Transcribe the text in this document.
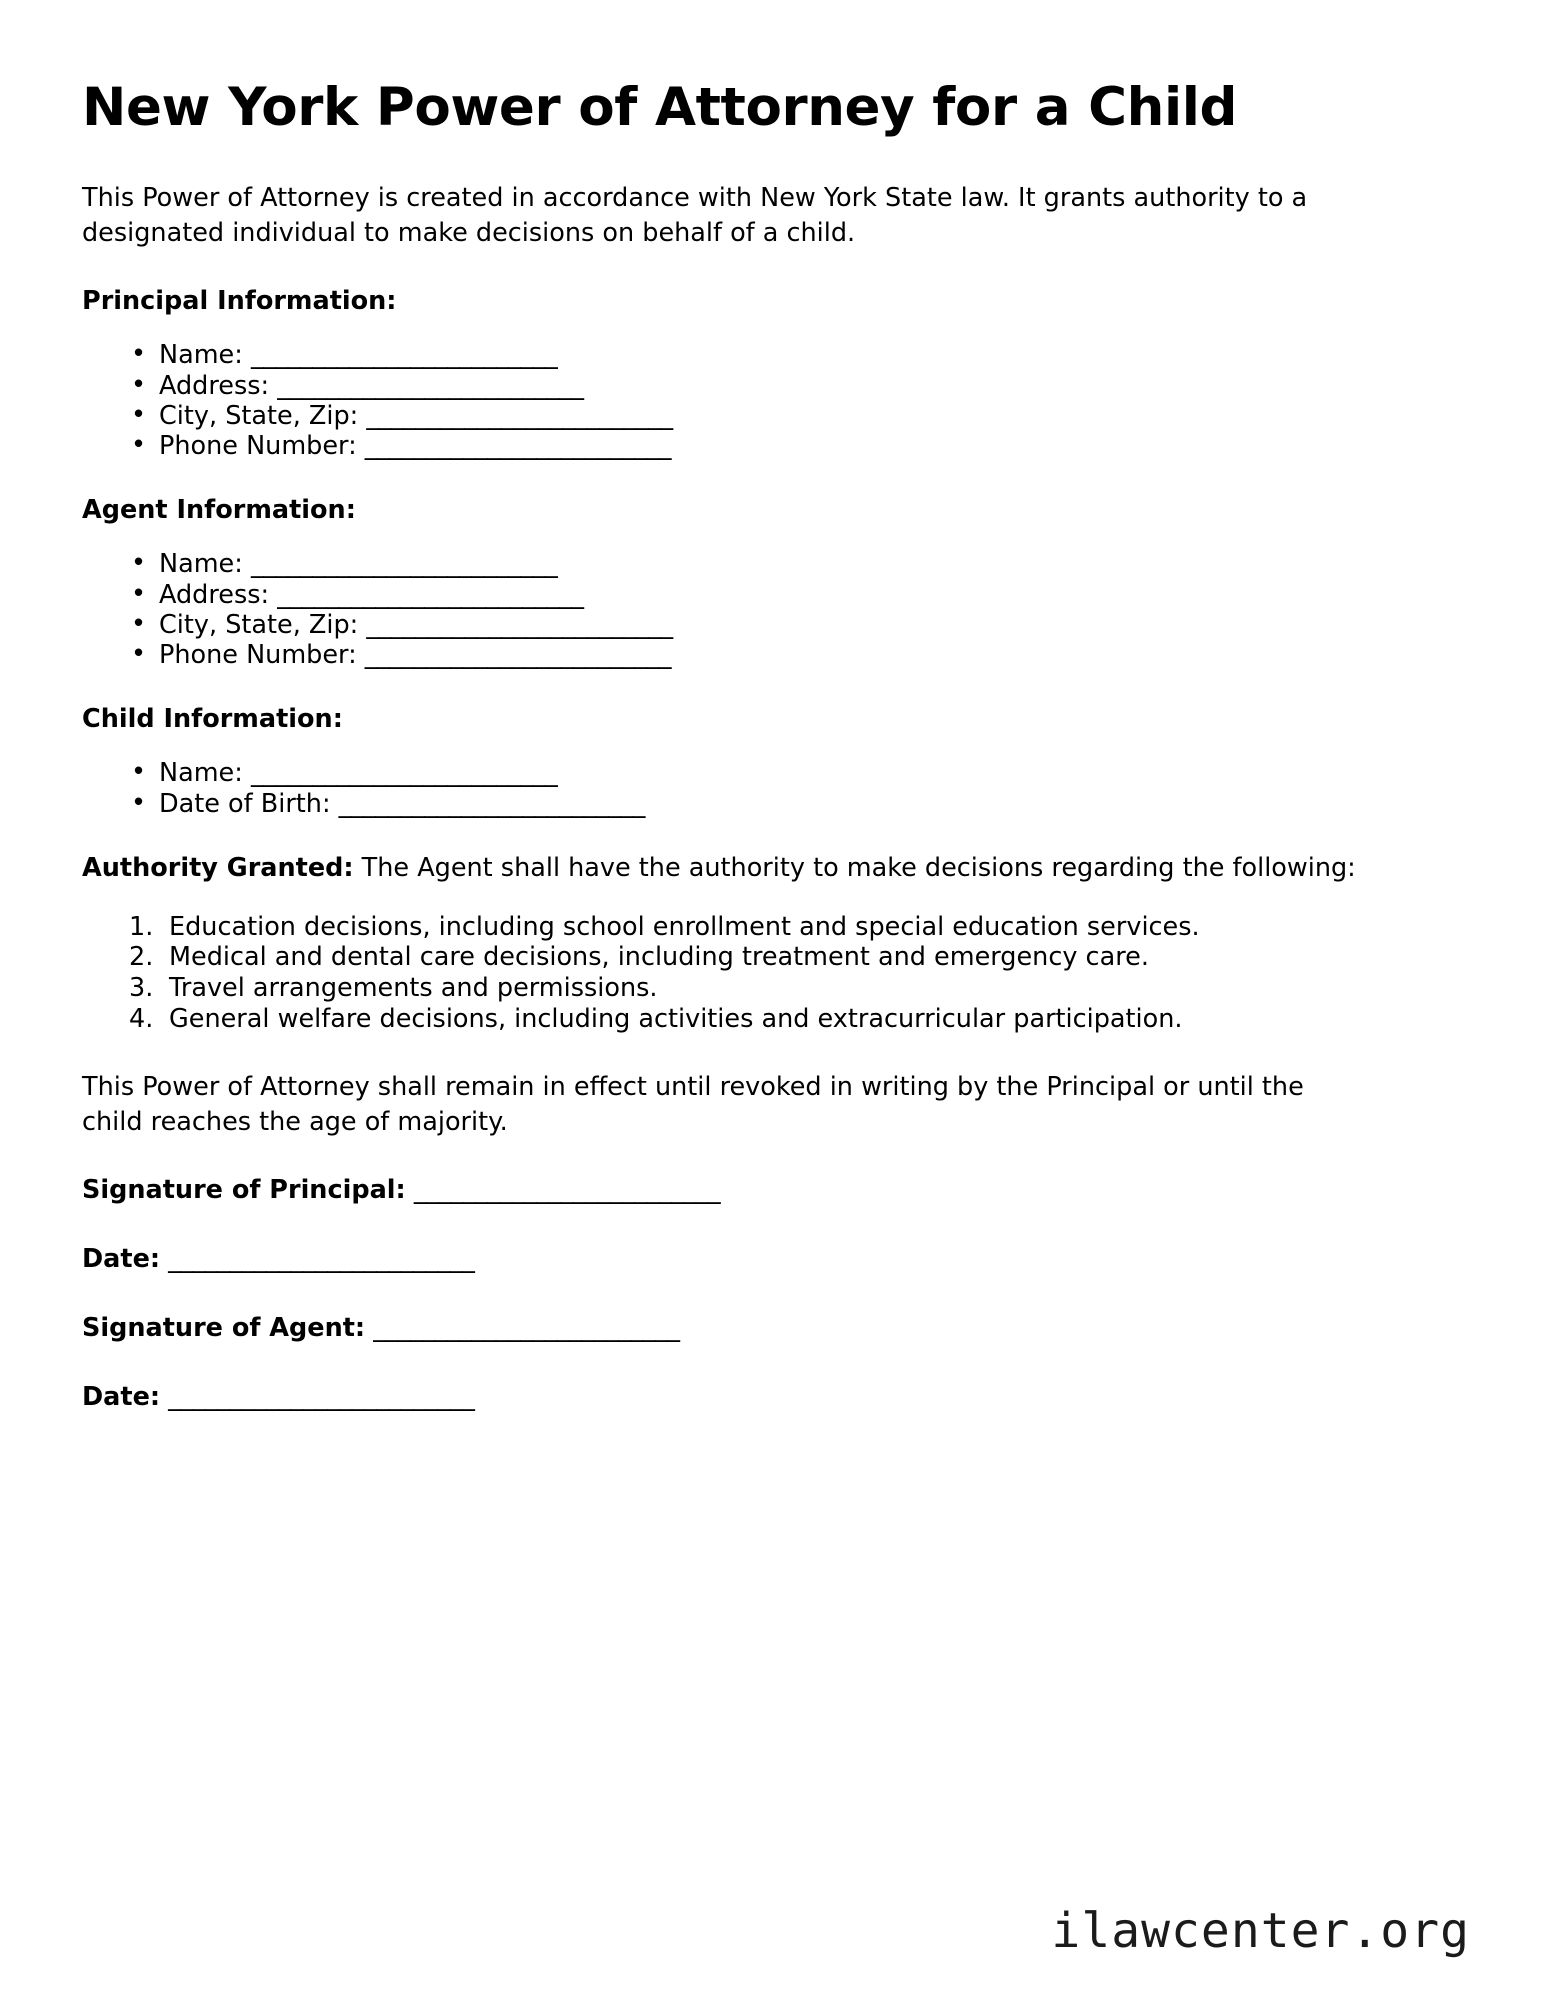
New York Power of Attorney for a Child

This Power of Attorney is created in accordance with New York State law. It grants authority to a designated individual to make decisions on behalf of a child.

Principal Information:
• Name: _________________________
• Address: _________________________
• City, State, Zip: _________________________
• Phone Number: _________________________
Agent Information:
• Name: _________________________
• Address: _________________________
• City, State, Zip: _________________________
• Phone Number: _________________________
Child Information:
• Name: _________________________
• Date of Birth: _________________________

Authority Granted: The Agent shall have the authority to make decisions regarding the following:

Education decisions, including school enrollment and special education services.
Medical and dental care decisions, including treatment and emergency care.
Travel arrangements and permissions.
General welfare decisions, including activities and extracurricular participation.

This Power of Attorney shall remain in effect until revoked in writing by the Principal or until the child reaches the age of majority.

Signature of Principal: _________________________

Date: _________________________

Signature of Agent: _________________________

Date: _________________________

ilawcenter.org
